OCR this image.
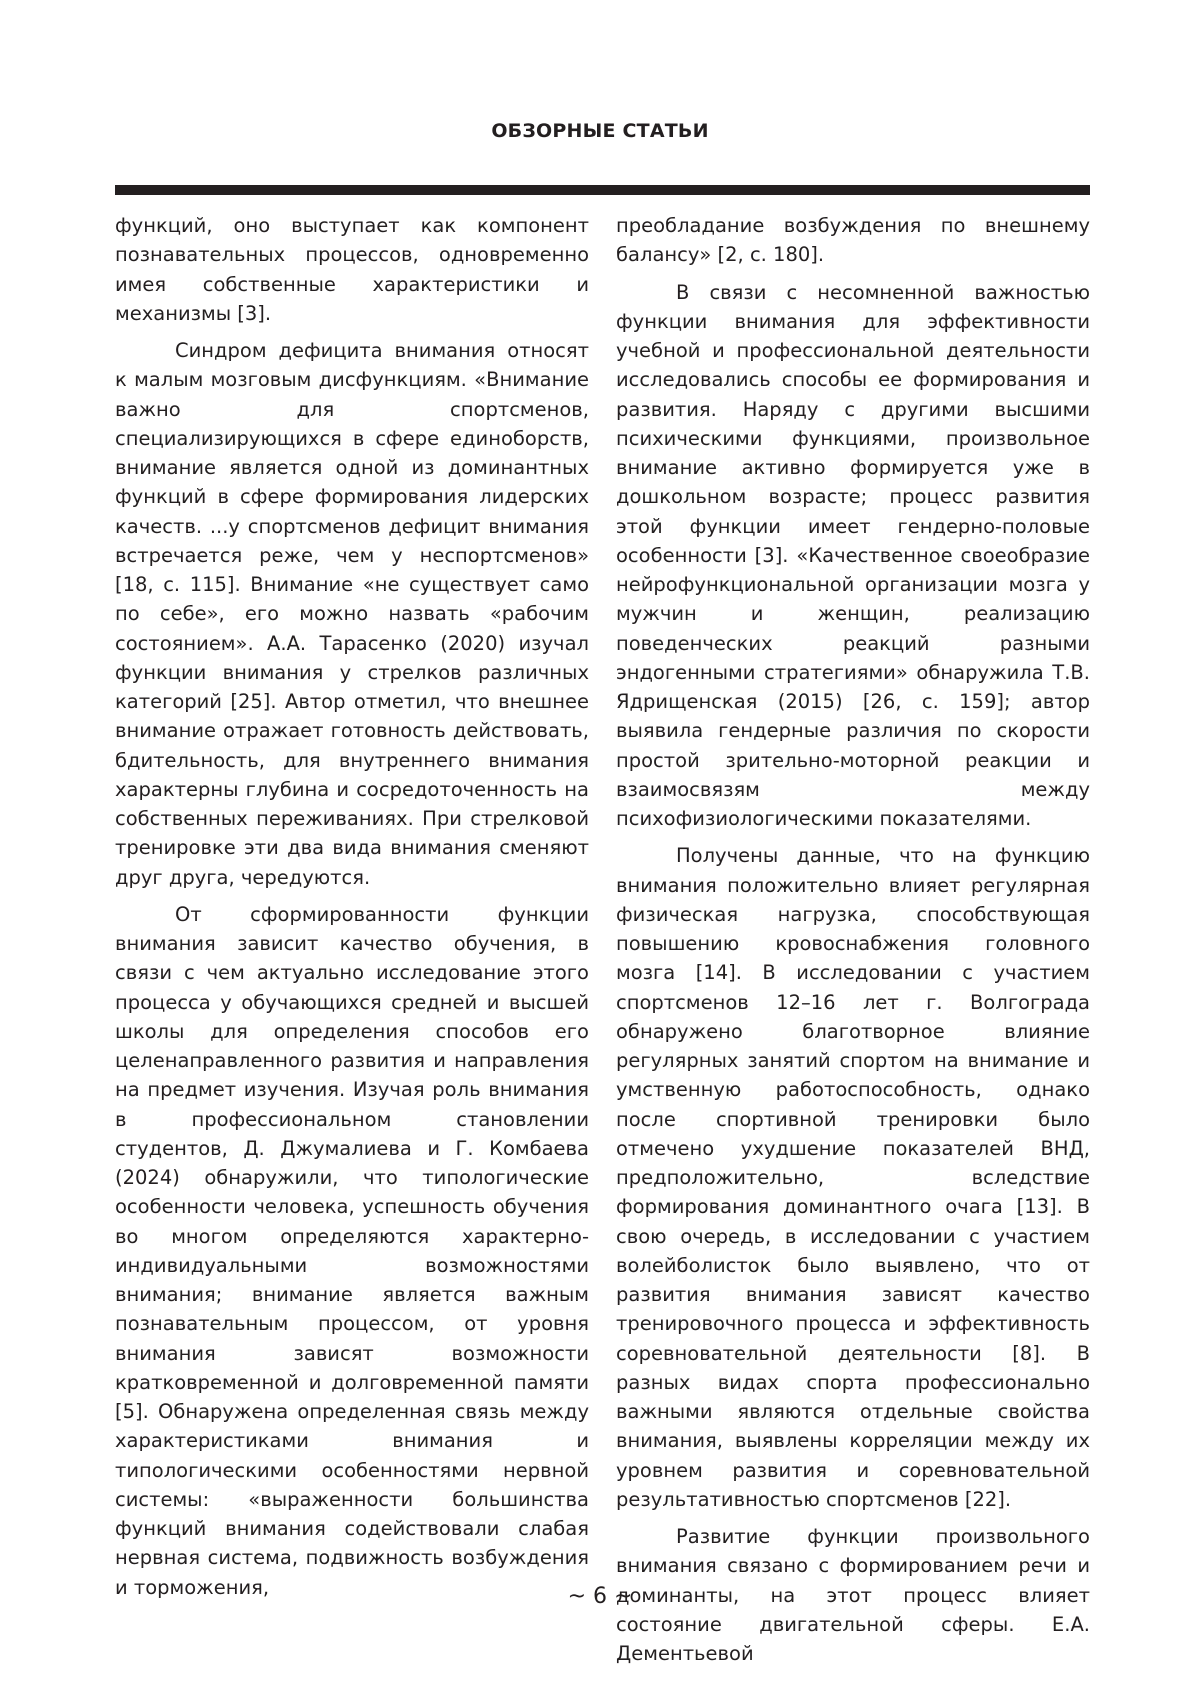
ОБЗОРНЫЕ СТАТЬИ

функций, оно выступает как компонент познавательных процессов, одновременно имея собственные характеристики и механизмы [3].

Синдром дефицита внимания относят к малым мозговым дисфункциям. «Внимание важно для спортсменов, специализирующихся в сфере единоборств, внимание является одной из доминантных функций в сфере формирования лидерских качеств. ...у спортсменов дефицит внимания встречается реже, чем у неспортсменов» [18, с. 115]. Внимание «не существует само по себе», его можно назвать «рабочим состоянием». А.А. Тарасенко (2020) изучал функции внимания у стрелков различных категорий [25]. Автор отметил, что внешнее внимание отражает готовность действовать, бдительность, для внутреннего внимания характерны глубина и сосредоточенность на собственных переживаниях. При стрелковой тренировке эти два вида внимания сменяют друг друга, чередуются.

От сформированности функции внимания зависит качество обучения, в связи с чем актуально исследование этого процесса у обучающихся средней и высшей школы для определения способов его целенаправленного развития и направления на предмет изучения. Изучая роль внимания в профессиональном становлении студентов, Д. Джумалиева и Г. Комбаева (2024) обнаружили, что типологические особенности человека, успешность обучения во многом определяются характерно-индивидуальными возможностями внимания; внимание является важным познавательным процессом, от уровня внимания зависят возможности кратковременной и долговременной памяти [5]. Обнаружена определенная связь между характеристиками внимания и типологическими особенностями нервной системы: «выраженности большинства функций внимания содействовали слабая нервная система, подвижность возбуждения и торможения,

преобладание возбуждения по внешнему балансу» [2, с. 180].

В связи с несомненной важностью функции внимания для эффективности учебной и профессиональной деятельности исследовались способы ее формирования и развития. Наряду с другими высшими психическими функциями, произвольное внимание активно формируется уже в дошкольном возрасте; процесс развития этой функции имеет гендерно-половые особенности [3]. «Качественное своеобразие нейрофункциональной организации мозга у мужчин и женщин, реализацию поведенческих реакций разными эндогенными стратегиями» обнаружила Т.В. Ядрищенская (2015) [26, с. 159]; автор выявила гендерные различия по скорости простой зрительно-моторной реакции и взаимосвязям между психофизиологическими показателями.

Получены данные, что на функцию внимания положительно влияет регулярная физическая нагрузка, способствующая повышению кровоснабжения головного мозга [14]. В исследовании с участием спортсменов 12–16 лет г. Волгограда обнаружено благотворное влияние регулярных занятий спортом на внимание и умственную работоспособность, однако после спортивной тренировки было отмечено ухудшение показателей ВНД, предположительно, вследствие формирования доминантного очага [13]. В свою очередь, в исследовании с участием волейболисток было выявлено, что от развития внимания зависят качество тренировочного процесса и эффективность соревновательной деятельности [8]. В разных видах спорта профессионально важными являются отдельные свойства внимания, выявлены корреляции между их уровнем развития и соревновательной результативностью спортсменов [22].

Развитие функции произвольного внимания связано с формированием речи и доминанты, на этот процесс влияет состояние двигательной сферы. Е.А. Дементьевой

~ 6 ~
